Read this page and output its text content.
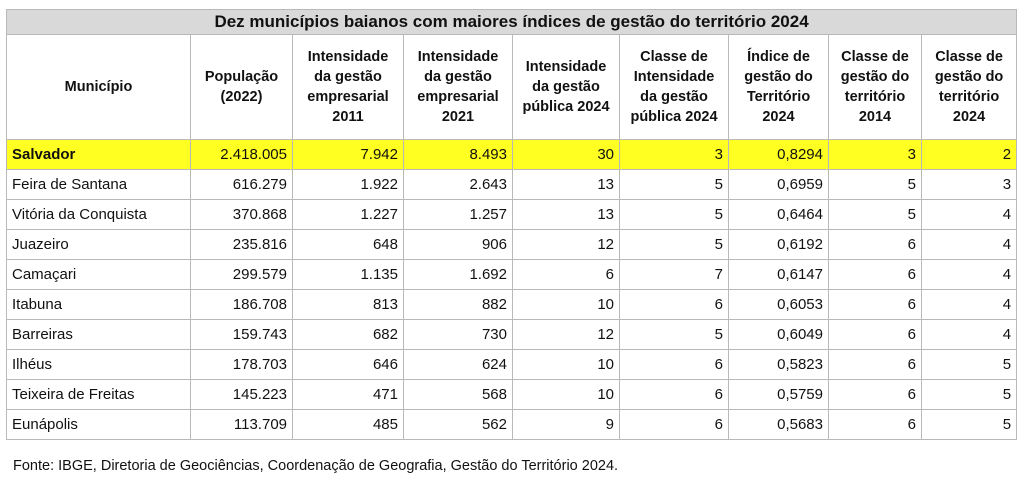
Dez municípios baianos com maiores índices de gestão do território 2024								
Município	População (2022)	Intensidade da gestão empresarial 2011	Intensidade da gestão empresarial 2021	Intensidade da gestão pública 2024	Classe de Intensidade da gestão pública 2024	Índice de gestão do Território 2024	Classe de gestão do território 2014	Classe de gestão do território 2024
Salvador	2.418.005	7.942	8.493	30	3	0,8294	3	2
Feira de Santana	616.279	1.922	2.643	13	5	0,6959	5	3
Vitória da Conquista	370.868	1.227	1.257	13	5	0,6464	5	4
Juazeiro	235.816	648	906	12	5	0,6192	6	4
Camaçari	299.579	1.135	1.692	6	7	0,6147	6	4
Itabuna	186.708	813	882	10	6	0,6053	6	4
Barreiras	159.743	682	730	12	5	0,6049	6	4
Ilhéus	178.703	646	624	10	6	0,5823	6	5
Teixeira de Freitas	145.223	471	568	10	6	0,5759	6	5
Eunápolis	113.709	485	562	9	6	0,5683	6	5
Fonte: IBGE, Diretoria de Geociências, Coordenação de Geografia, Gestão do Território 2024.
